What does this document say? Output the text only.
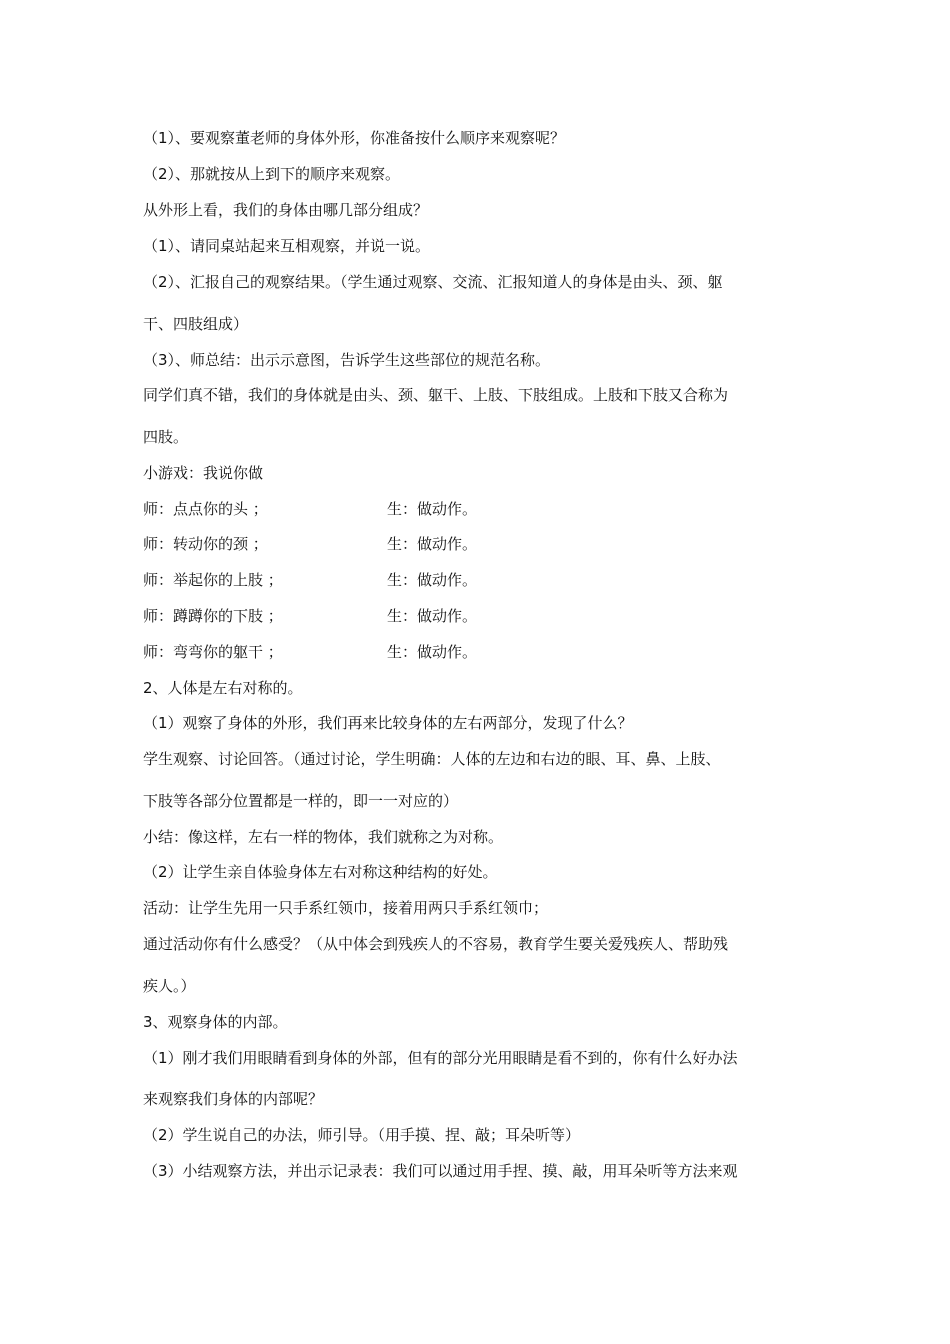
（1）、要观察董老师的身体外形，你准备按什么顺序来观察呢？
（2）、那就按从上到下的顺序来观察。
从外形上看，我们的身体由哪几部分组成？
（1）、请同桌站起来互相观察，并说一说。
（2）、汇报自己的观察结果。（学生通过观察、交流、汇报知道人的身体是由头、颈、躯
干、四肢组成）
（3）、师总结：出示示意图，告诉学生这些部位的规范名称。
同学们真不错，我们的身体就是由头、颈、躯干、上肢、下肢组成。上肢和下肢又合称为
四肢。
小游戏：我说你做
师：点点你的头 ；	生：做动作。
师：转动你的颈 ；	生：做动作。
师：举起你的上肢 ；	生：做动作。
师：蹲蹲你的下肢 ；	生：做动作。
师：弯弯你的躯干 ；	生：做动作。
2、人体是左右对称的。
（1）观察了身体的外形，我们再来比较身体的左右两部分，发现了什么？
学生观察、讨论回答。（通过讨论，学生明确：人体的左边和右边的眼、耳、鼻、上肢、
下肢等各部分位置都是一样的，即一一对应的）
小结：像这样，左右一样的物体，我们就称之为对称。
（2）让学生亲自体验身体左右对称这种结构的好处。
活动：让学生先用一只手系红领巾，接着用两只手系红领巾；
通过活动你有什么感受？（从中体会到残疾人的不容易，教育学生要关爱残疾人、帮助残
疾人。）
3、观察身体的内部。
（1）刚才我们用眼睛看到身体的外部，但有的部分光用眼睛是看不到的，你有什么好办法
来观察我们身体的内部呢？
（2）学生说自己的办法，师引导。（用手摸、捏、敲；耳朵听等）
（3）小结观察方法，并出示记录表：我们可以通过用手捏、摸、敲，用耳朵听等方法来观
